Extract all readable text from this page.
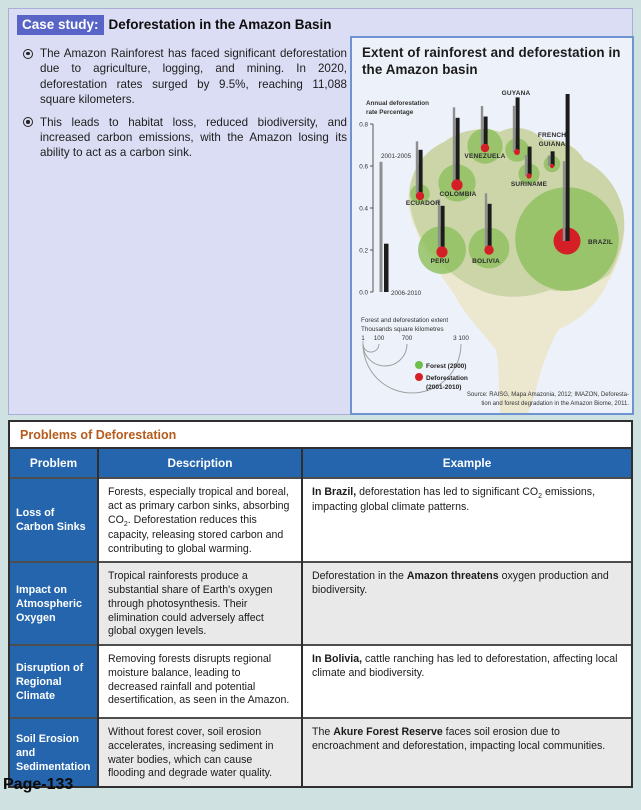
Case study: Deforestation in the Amazon Basin
The Amazon Rainforest has faced significant deforestation due to agriculture, logging, and mining. In 2020, deforestation rates surged by 9.5%, reaching 11,088 square kilometers.
This leads to habitat loss, reduced biodiversity, and increased carbon emissions, with the Amazon losing its ability to act as a carbon sink.
Extent of rainforest and deforestation in the Amazon basin
ECUADOR
COLOMBIA
VENEZUELA
GUYANA
SURINAME
FRENCH GUIANA
PERU	BOLIVIA
BRAZIL
0.8
0.6
0.4
0.2
0.0
Annual deforestation rate Percentage
2001-2005
2006-2010
Forest and deforestation extent
Thousands square kilometres
1 100	700	3 100
Forest (2000)
Deforestation
(2001-2010)
Source: RAISG, Mapa Amazonia, 2012; IMAZON, Deforesta-
tion and forest degradation in the Amazon Biome, 2011.
Problems of Deforestation
Problem	Description	Example
Loss of Carbon Sinks	Forests, especially tropical and boreal, act as primary carbon sinks, absorbing $CO_2$. Deforestation reduces this capacity, releasing stored carbon and contributing to global warming.	In Brazil, deforestation has led to significant $CO_2$ emissions, impacting global climate patterns.
Impact on Atmospheric Oxygen	Tropical rainforests produce a substantial share of Earth's oxygen through photosynthesis. Their elimination could adversely affect global oxygen levels.	Deforestation in the Amazon threatens oxygen production and biodiversity.
Disruption of Regional Climate	Removing forests disrupts regional moisture balance, leading to decreased rainfall and potential desertification, as seen in the Amazon.	In Bolivia, cattle ranching has led to deforestation, affecting local climate and biodiversity.
Soil Erosion and Sedimentation	Without forest cover, soil erosion accelerates, increasing sediment in water bodies, which can cause flooding and degrade water quality.	The Akure Forest Reserve faces soil erosion due to encroachment and deforestation, impacting local communities.
Page-133
